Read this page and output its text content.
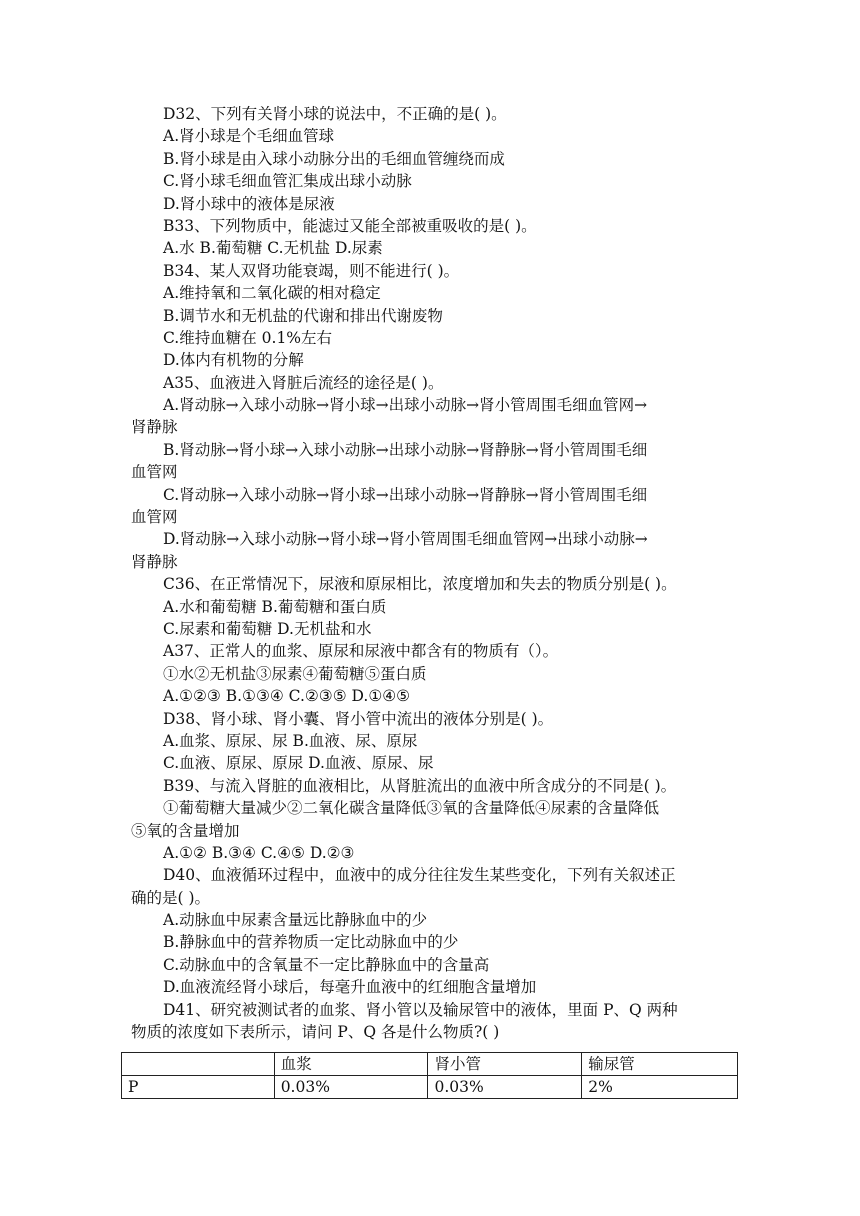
D32、下列有关肾小球的说法中，不正确的是( )。
A.肾小球是个毛细血管球
B.肾小球是由入球小动脉分出的毛细血管缠绕而成
C.肾小球毛细血管汇集成出球小动脉
D.肾小球中的液体是尿液
B33、下列物质中，能滤过又能全部被重吸收的是( )。
A.水 B.葡萄糖 C.无机盐 D.尿素
B34、某人双肾功能衰竭，则不能进行( )。
A.维持氧和二氧化碳的相对稳定
B.调节水和无机盐的代谢和排出代谢废物
C.维持血糖在 0.1%左右
D.体内有机物的分解
A35、血液进入肾脏后流经的途径是( )。
A.肾动脉→入球小动脉→肾小球→出球小动脉→肾小管周围毛细血管网→
肾静脉
B.肾动脉→肾小球→入球小动脉→出球小动脉→肾静脉→肾小管周围毛细
血管网
C.肾动脉→入球小动脉→肾小球→出球小动脉→肾静脉→肾小管周围毛细
血管网
D.肾动脉→入球小动脉→肾小球→肾小管周围毛细血管网→出球小动脉→
肾静脉
C36、在正常情况下，尿液和原尿相比，浓度增加和失去的物质分别是( )。
A.水和葡萄糖 B.葡萄糖和蛋白质
C.尿素和葡萄糖 D.无机盐和水
A37、正常人的血浆、原尿和尿液中都含有的物质有（）。
①水②无机盐③尿素④葡萄糖⑤蛋白质
A.①②③ B.①③④ C.②③⑤ D.①④⑤
D38、肾小球、肾小囊、肾小管中流出的液体分别是( )。
A.血浆、原尿、尿 B.血液、尿、原尿
C.血液、原尿、原尿 D.血液、原尿、尿
B39、与流入肾脏的血液相比，从肾脏流出的血液中所含成分的不同是( )。
①葡萄糖大量减少②二氧化碳含量降低③氧的含量降低④尿素的含量降低
⑤氧的含量增加
A.①② B.③④ C.④⑤ D.②③
D40、血液循环过程中，血液中的成分往往发生某些变化，下列有关叙述正
确的是( )。
A.动脉血中尿素含量远比静脉血中的少
B.静脉血中的营养物质一定比动脉血中的少
C.动脉血中的含氧量不一定比静脉血中的含量高
D.血液流经肾小球后，每毫升血液中的红细胞含量增加
D41、研究被测试者的血浆、肾小管以及输尿管中的液体，里面 P、Q 两种
物质的浓度如下表所示，请问 P、Q 各是什么物质?( )
	血浆	肾小管	输尿管
P	0.03%	0.03%	2%
